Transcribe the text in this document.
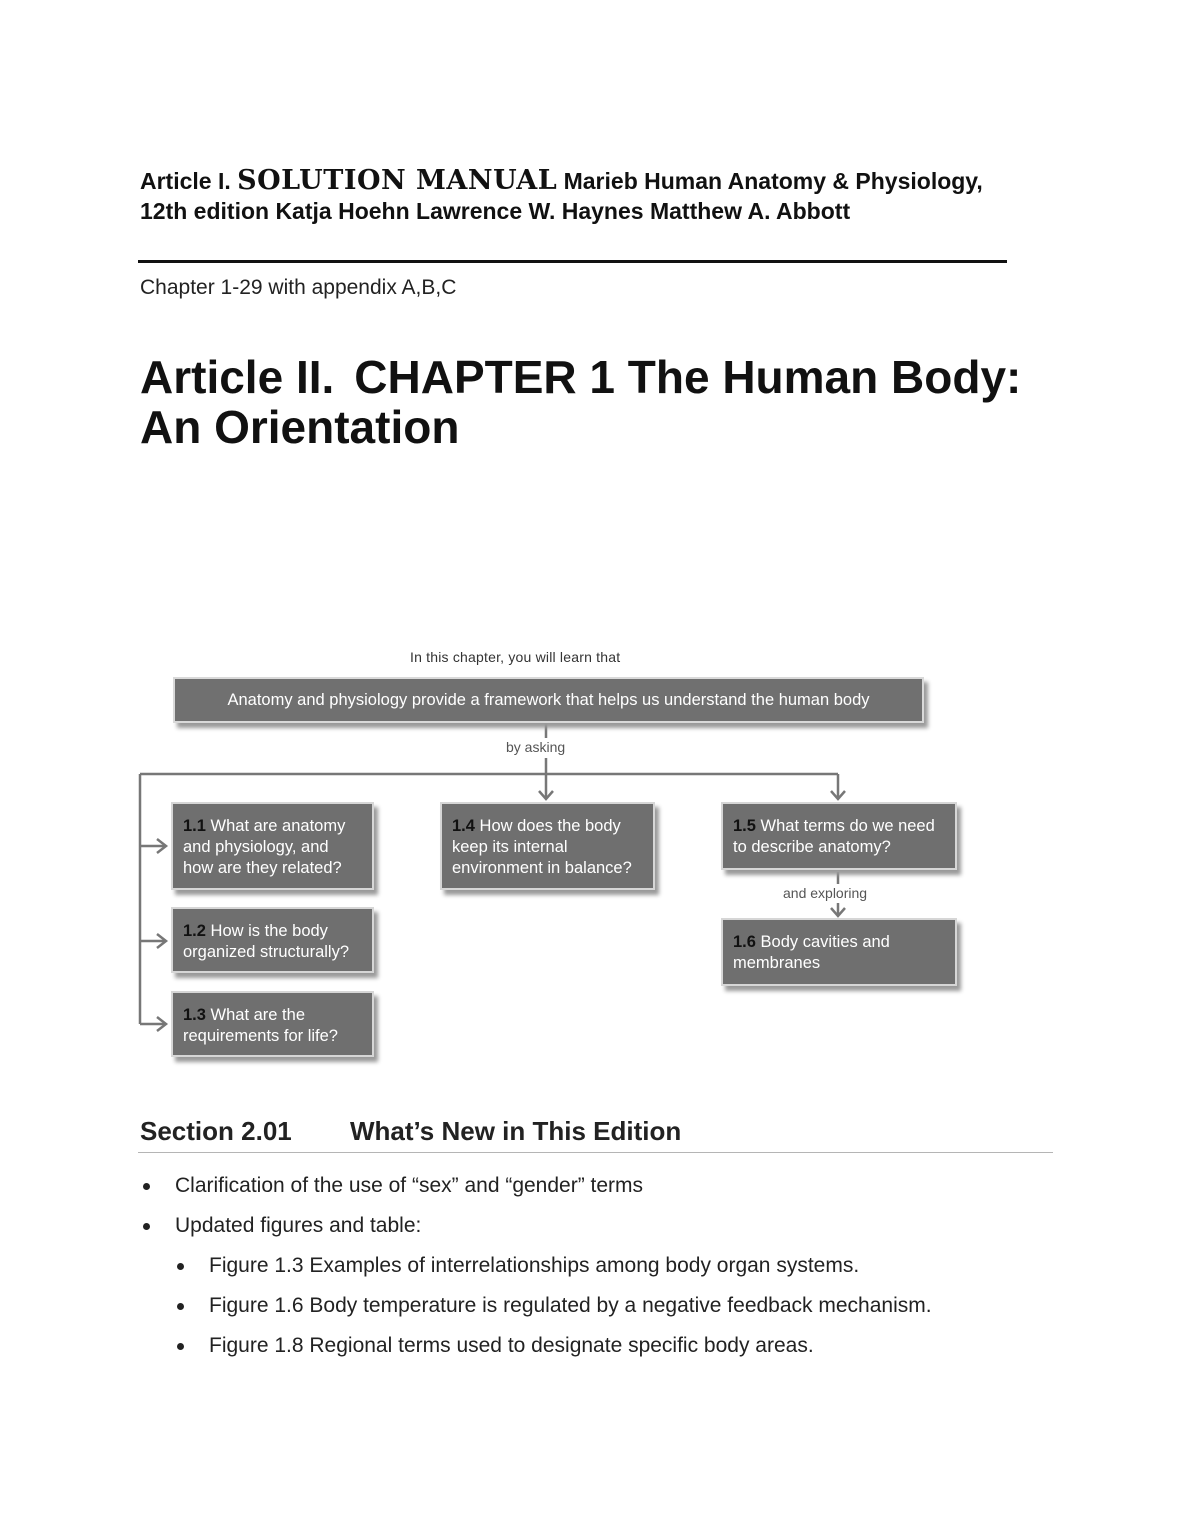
Article I. SOLUTION MANUAL Marieb Human Anatomy & Physiology, 12th edition Katja Hoehn Lawrence W. Haynes Matthew A. Abbott
Chapter 1-29 with appendix A,B,C
Article II. CHAPTER 1 The Human Body: An Orientation
In this chapter, you will learn that
Anatomy and physiology provide a framework that helps us understand the human body
by asking
and exploring
1.1 What are anatomy and physiology, and how are they related?
1.2 How is the body organized structurally?
1.3 What are the requirements for life?
1.4 How does the body keep its internal environment in balance?
1.5 What terms do we need to describe anatomy?
1.6 Body cavities and membranes
Section 2.01 What’s New in This Edition
Clarification of the use of “sex” and “gender” terms
Updated figures and table:
Figure 1.3 Examples of interrelationships among body organ systems.
Figure 1.6 Body temperature is regulated by a negative feedback mechanism.
Figure 1.8 Regional terms used to designate specific body areas.
